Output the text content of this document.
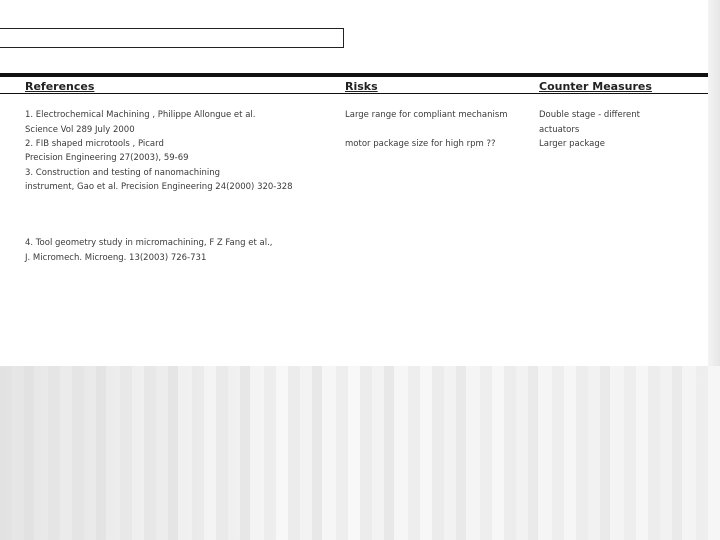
References	Risks	Counter Measures
1. Electrochemical Machining , Philippe Allongue et al.
Science Vol 289 July 2000
2. FIB shaped microtools , Picard
Precision Engineering 27(2003), 59-69
3. Construction and testing of nanomachining
instrument, Gao et al. Precision Engineering 24(2000) 320-328
4. Tool geometry study in micromachining, F Z Fang et al.,
J. Micromech. Microeng. 13(2003) 726-731
Large range for compliant mechanism
motor package size for high rpm ??
Double stage - different
actuators
Larger package
